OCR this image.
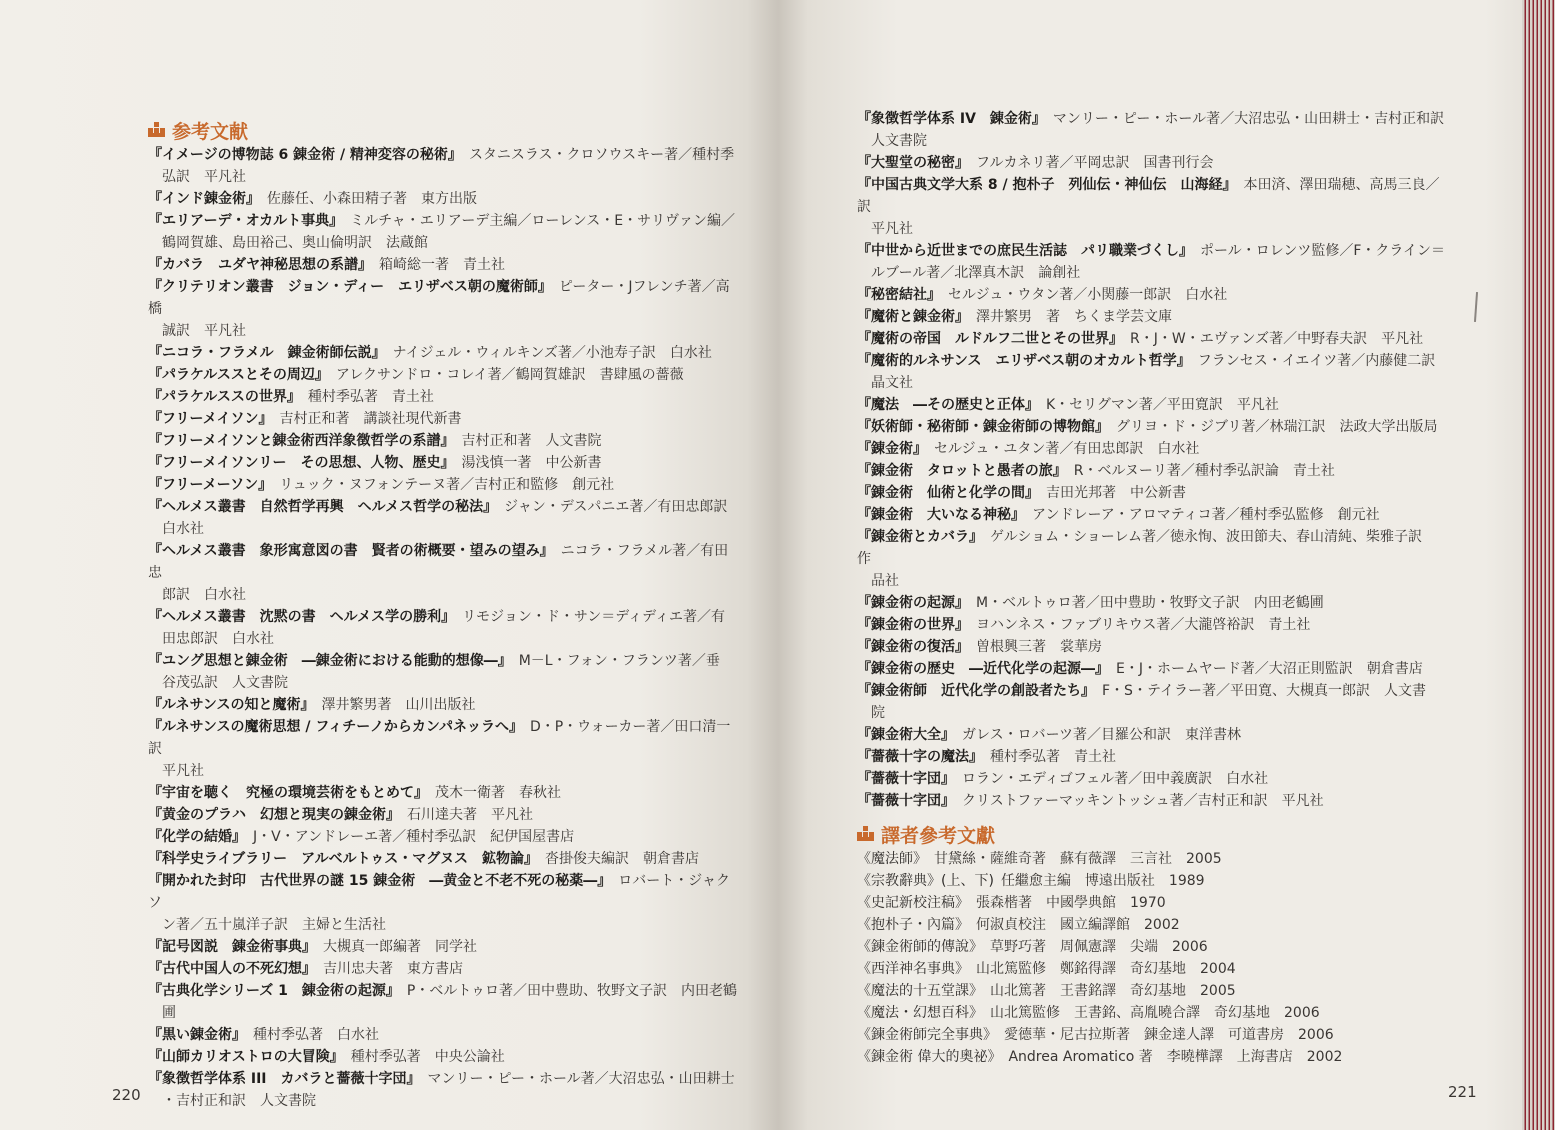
参考文献
『イメージの博物誌 6 錬金術 / 精神変容の秘術』  スタニスラス・クロソウスキー著／種村季
弘訳　平凡社
『インド錬金術』  佐藤任、小森田精子著　東方出版
『エリアーデ・オカルト事典』  ミルチャ・エリアーデ主編／ローレンス・E・サリヴァン編／
鶴岡賀雄、島田裕己、奥山倫明訳　法蔵館
『カバラ　ユダヤ神秘思想の系譜』  箱崎総一著　青土社
『クリテリオン叢書　ジョン・ディー　エリザベス朝の魔術師』  ピーター・Jフレンチ著／高橋
誠訳　平凡社
『ニコラ・フラメル　錬金術師伝説』  ナイジェル・ウィルキンズ著／小池寿子訳　白水社
『パラケルススとその周辺』  アレクサンドロ・コレイ著／鶴岡賀雄訳　書肆風の薔薇
『パラケルススの世界』  種村季弘著　青土社
『フリーメイソン』  吉村正和著　講談社現代新書
『フリーメイソンと錬金術西洋象徴哲学の系譜』  吉村正和著　人文書院
『フリーメイソンリー　その思想、人物、歴史』  湯浅慎一著　中公新書
『フリーメーソン』  リュック・ヌフォンテーヌ著／吉村正和監修　創元社
『ヘルメス叢書　自然哲学再興　ヘルメス哲学の秘法』  ジャン・デスパニエ著／有田忠郎訳
白水社
『ヘルメス叢書　象形寓意図の書　賢者の術概要・望みの望み』  ニコラ・フラメル著／有田忠
郎訳　白水社
『ヘルメス叢書　沈黙の書　ヘルメス学の勝利』  リモジョン・ド・サン＝ディディエ著／有
田忠郎訳　白水社
『ユング思想と錬金術　―錬金術における能動的想像―』  M－L・フォン・フランツ著／垂
谷茂弘訳　人文書院
『ルネサンスの知と魔術』  澤井繁男著　山川出版社
『ルネサンスの魔術思想 / フィチーノからカンパネッラへ』  D・P・ウォーカー著／田口清一訳
平凡社
『宇宙を聴く　究極の環境芸術をもとめて』  茂木一衛著　春秋社
『黄金のプラハ　幻想と現実の錬金術』  石川達夫著　平凡社
『化学の結婚』  J・V・アンドレーエ著／種村季弘訳　紀伊国屋書店
『科学史ライブラリー　アルベルトゥス・マグヌス　鉱物論』  沓掛俊夫編訳　朝倉書店
『開かれた封印　古代世界の謎 15 錬金術　―黄金と不老不死の秘薬―』  ロバート・ジャクソ
ン著／五十嵐洋子訳　主婦と生活社
『記号図説　錬金術事典』  大槻真一郎編著　同学社
『古代中国人の不死幻想』  吉川忠夫著　東方書店
『古典化学シリーズ 1　錬金術の起源』  P・ベルトゥロ著／田中豊助、牧野文子訳　内田老鶴
圃
『黒い錬金術』  種村季弘著　白水社
『山師カリオストロの大冒険』  種村季弘著　中央公論社
『象徴哲学体系 III　カバラと薔薇十字団』  マンリー・ピー・ホール著／大沼忠弘・山田耕士
・吉村正和訳　人文書院
220
『象徴哲学体系 IV　錬金術』  マンリー・ピー・ホール著／大沼忠弘・山田耕士・吉村正和訳
人文書院
『大聖堂の秘密』  フルカネリ著／平岡忠訳　国書刊行会
『中国古典文学大系 8 / 抱朴子　列仙伝・神仙伝　山海経』  本田済、澤田瑞穂、高馬三良／訳
平凡社
『中世から近世までの庶民生活誌　パリ職業づくし』  ポール・ロレンツ監修／F・クライン＝
ルブール著／北澤真木訳　論創社
『秘密結社』  セルジュ・ウタン著／小関藤一郎訳　白水社
『魔術と錬金術』  澤井繁男　著　ちくま学芸文庫
『魔術の帝国　ルドルフ二世とその世界』  R・J・W・エヴァンズ著／中野春夫訳　平凡社
『魔術的ルネサンス　エリザベス朝のオカルト哲学』  フランセス・イエイツ著／内藤健二訳
晶文社
『魔法　―その歴史と正体』  K・セリグマン著／平田寛訳　平凡社
『妖術師・秘術師・錬金術師の博物館』  グリヨ・ド・ジブリ著／林瑞江訳　法政大学出版局
『錬金術』  セルジュ・ユタン著／有田忠郎訳　白水社
『錬金術　タロットと愚者の旅』  R・ベルヌーリ著／種村季弘訳論　青土社
『錬金術　仙術と化学の間』  吉田光邦著　中公新書
『錬金術　大いなる神秘』  アンドレーア・アロマティコ著／種村季弘監修　創元社
『錬金術とカバラ』  ゲルショム・ショーレム著／徳永恂、波田節夫、春山清純、柴雅子訳　作
品社
『錬金術の起源』  M・ベルトゥロ著／田中豊助・牧野文子訳　内田老鶴圃
『錬金術の世界』  ヨハンネス・ファブリキウス著／大瀧啓裕訳　青土社
『錬金術の復活』  曽根興三著　裳華房
『錬金術の歴史　―近代化学の起源―』  E・J・ホームヤード著／大沼正則監訳　朝倉書店
『錬金術師　近代化学の創設者たち』  F・S・テイラー著／平田寛、大槻真一郎訳　人文書
院
『錬金術大全』  ガレス・ロバーツ著／目羅公和訳　東洋書林
『薔薇十字の魔法』  種村季弘著　青土社
『薔薇十字団』  ロラン・エディゴフェル著／田中義廣訳　白水社
『薔薇十字団』  クリストファーマッキントッシュ著／吉村正和訳　平凡社
譯者參考文獻
《魔法師》  甘黛絲・薩維奇著　蘇有薇譯　三言社　2005
《宗教辭典》(上、下)  任繼愈主編　博遠出版社　1989
《史記新校注稿》  張森楷著　中國學典館　1970
《抱朴子・內篇》  何淑貞校注　國立編譯館　2002
《鍊金術師的傳說》  草野巧著　周佩憲譯　尖端　2006
《西洋神名事典》  山北篤監修　鄭銘得譯　奇幻基地　2004
《魔法的十五堂課》  山北篤著　王書銘譯　奇幻基地　2005
《魔法・幻想百科》  山北篤監修　王書銘、高胤曉合譯　奇幻基地　2006
《鍊金術師完全事典》  愛德華・尼古拉斯著　鍊金達人譯　可道書房　2006
《鍊金術 偉大的奧祕》  Andrea Aromatico 著　李曉樺譯　上海書店　2002
221
